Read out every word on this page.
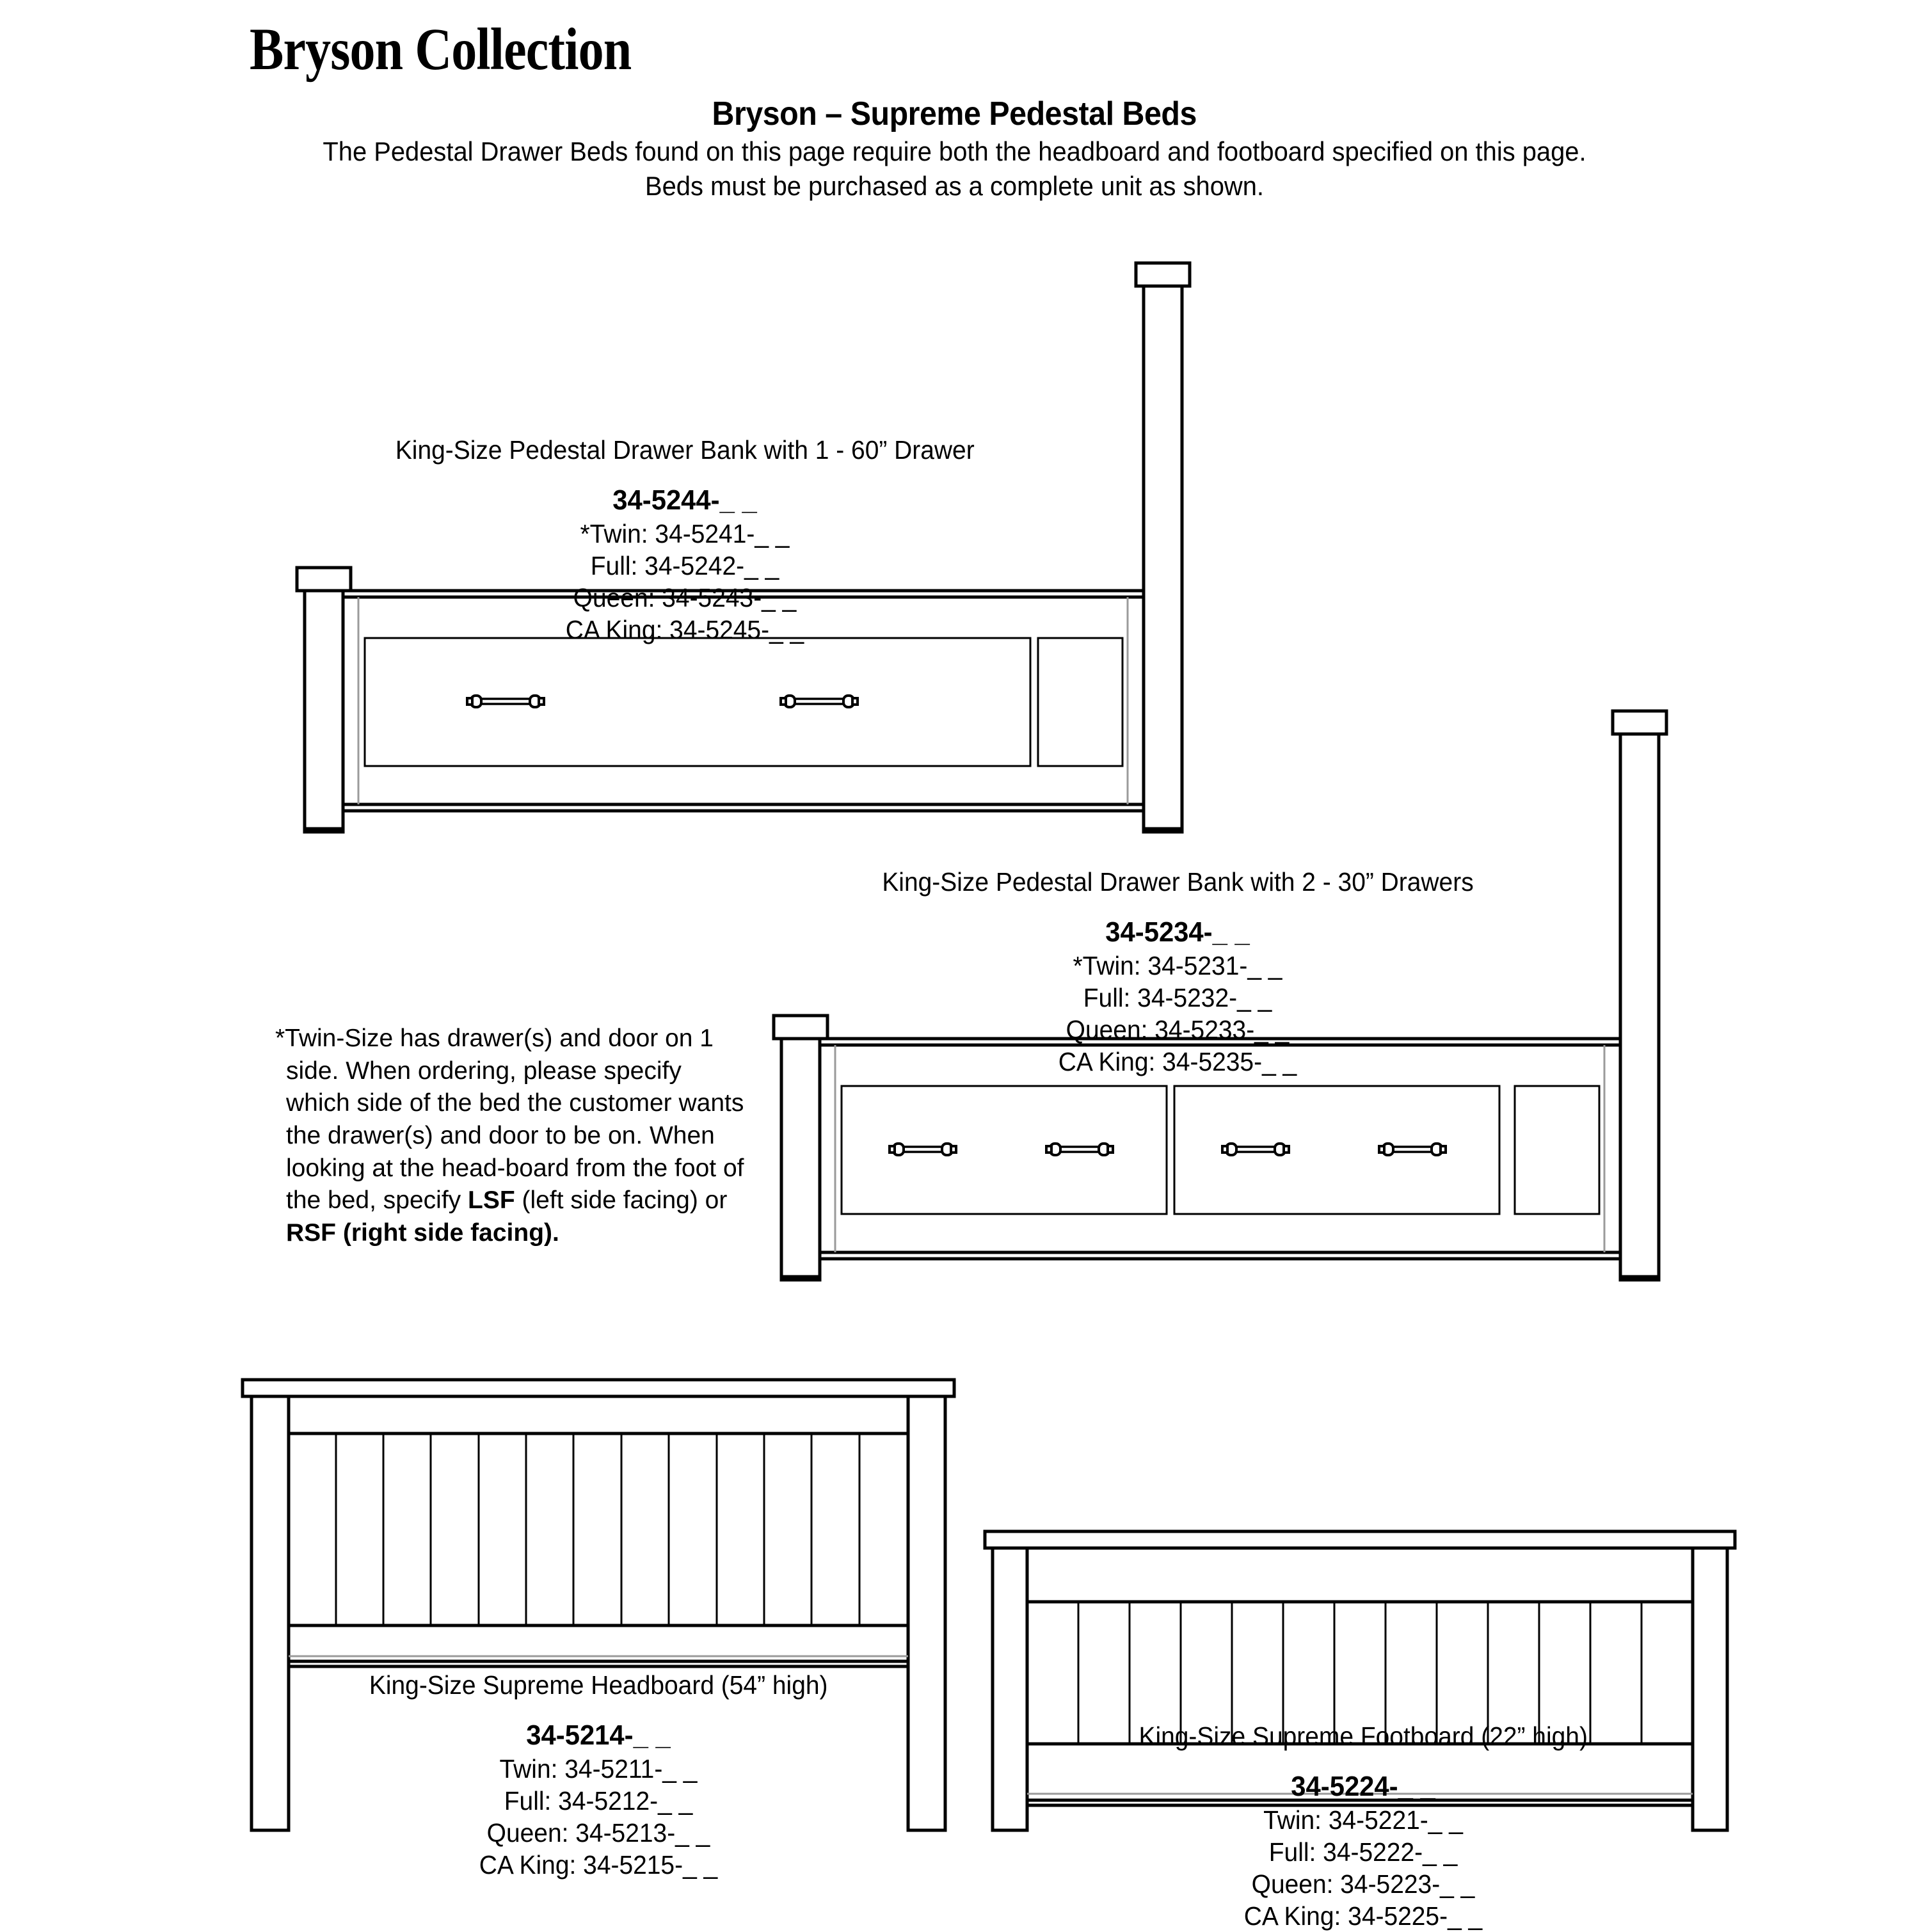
Bryson Collection
Bryson – Supreme Pedestal Beds
The Pedestal Drawer Beds found on this page require both the headboard and footboard specified on this page.
Beds must be purchased as a complete unit as shown.
King-Size Pedestal Drawer Bank with 1 - 60” Drawer
34-5244-_ _
*Twin: 34-5241-_ _
Full: 34-5242-_ _
Queen: 34-5243-_ _
CA King: 34-5245-_ _
King-Size Pedestal Drawer Bank with 2 - 30” Drawers
34-5234-_ _
*Twin: 34-5231-_ _
Full: 34-5232-_ _
Queen: 34-5233-_ _
CA King: 34-5235-_ _
*Twin-Size has drawer(s) and door on 1 side. When ordering, please specify which side of the bed the customer wants the drawer(s) and door to be on. When looking at the head-board from the foot of the bed, specify LSF (left side facing) or RSF (right side facing).
King-Size Supreme Headboard (54” high)
34-5214-_ _
Twin: 34-5211-_ _
Full: 34-5212-_ _
Queen: 34-5213-_ _
CA King: 34-5215-_ _
King-Size Supreme Footboard (22” high)
34-5224-_ _
Twin: 34-5221-_ _
Full: 34-5222-_ _
Queen: 34-5223-_ _
CA King: 34-5225-_ _
